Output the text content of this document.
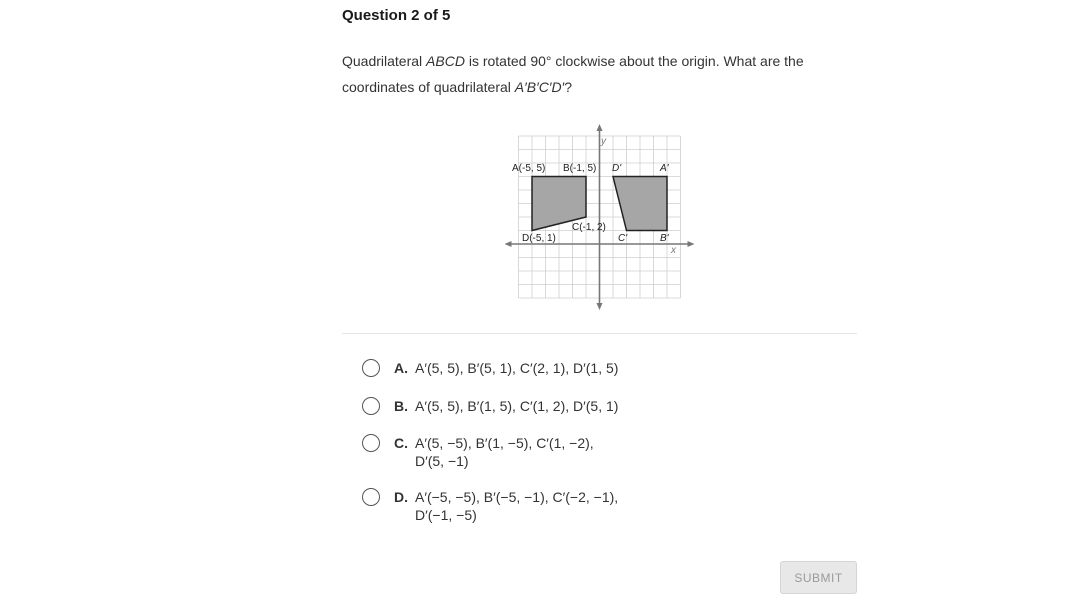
Question 2 of 5
Quadrilateral ABCD is rotated 90° clockwise about the origin. What are the coordinates of quadrilateral A′B′C′D′?
y
x
A(-5, 5) B(-1, 5)
C(-1, 2)
D(-5, 1)
A'
B'
C'
D'
A. A′(5, 5), B′(5, 1), C′(2, 1), D′(1, 5)
B. A′(5, 5), B′(1, 5), C′(1, 2), D′(5, 1)
C. A′(5, −5), B′(1, −5), C′(1, −2),
D′(5, −1)
D. A′(−5, −5), B′(−5, −1), C′(−2, −1),
D′(−1, −5)
SUBMIT
